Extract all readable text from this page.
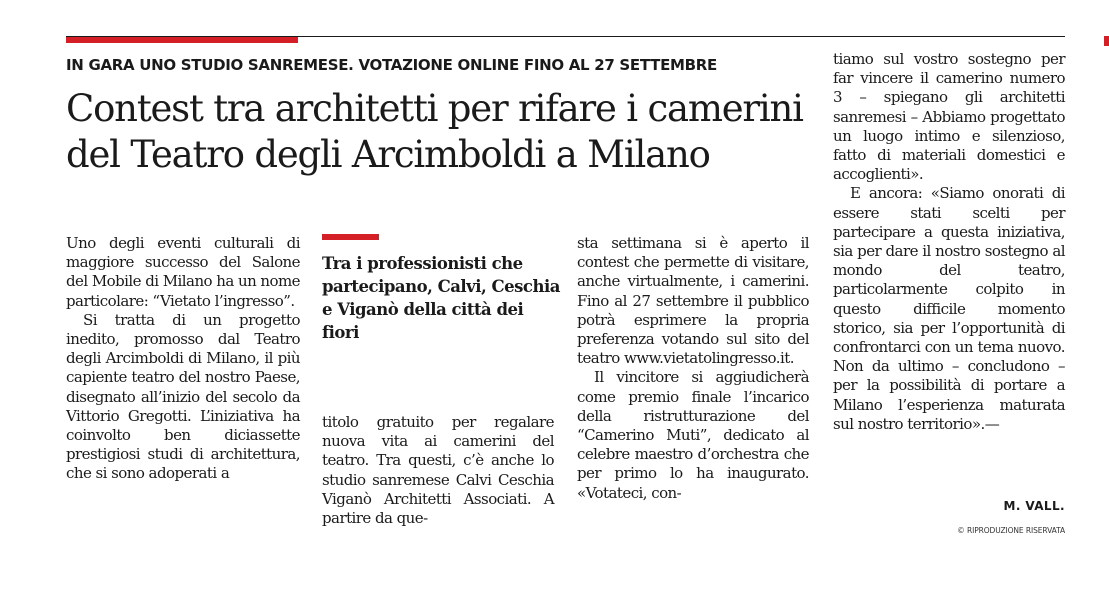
IN GARA UNO STUDIO SANREMESE. VOTAZIONE ONLINE FINO AL 27 SETTEMBRE
Contest tra architetti per rifare i camerini del Teatro degli Arcimboldi a Milano

Uno degli eventi culturali di maggiore successo del Salone del Mobile di Milano ha un nome particolare: “Vietato l’ingresso”.

Si tratta di un progetto inedito, promosso dal Teatro degli Arcimboldi di Milano, il più capiente teatro del nostro Paese, disegnato all’inizio del secolo da Vittorio Gregotti. L’iniziativa ha coinvolto ben diciassette prestigiosi studi di architettura, che si sono adoperati a

Tra i professionisti che partecipano, Calvi, Ceschia e Viganò della città dei fiori

titolo gratuito per regalare nuova vita ai camerini del teatro. Tra questi, c’è anche lo studio sanremese Calvi Ceschia Viganò Architetti Associati. A partire da que-

sta settimana si è aperto il contest che permette di visitare, anche virtualmente, i camerini. Fino al 27 settembre il pubblico potrà esprimere la propria preferenza votando sul sito del teatro www.vietatolingresso.it.

Il vincitore si aggiudicherà come premio finale l’incarico della ristrutturazione del “Camerino Muti”, dedicato al celebre maestro d’orchestra che per primo lo ha inaugurato. «Votateci, con-

tiamo sul vostro sostegno per far vincere il camerino numero 3 – spiegano gli architetti sanremesi – Abbiamo progettato un luogo intimo e silenzioso, fatto di materiali domestici e accoglienti».

E ancora: «Siamo onorati di essere stati scelti per partecipare a questa iniziativa, sia per dare il nostro sostegno al mondo del teatro, particolarmente colpito in questo difficile momento storico, sia per l’opportunità di confrontarci con un tema nuovo. Non da ultimo – concludono – per la possibilità di portare a Milano l’esperienza maturata sul nostro territorio».—

M. VALL.
© RIPRODUZIONE RISERVATA
